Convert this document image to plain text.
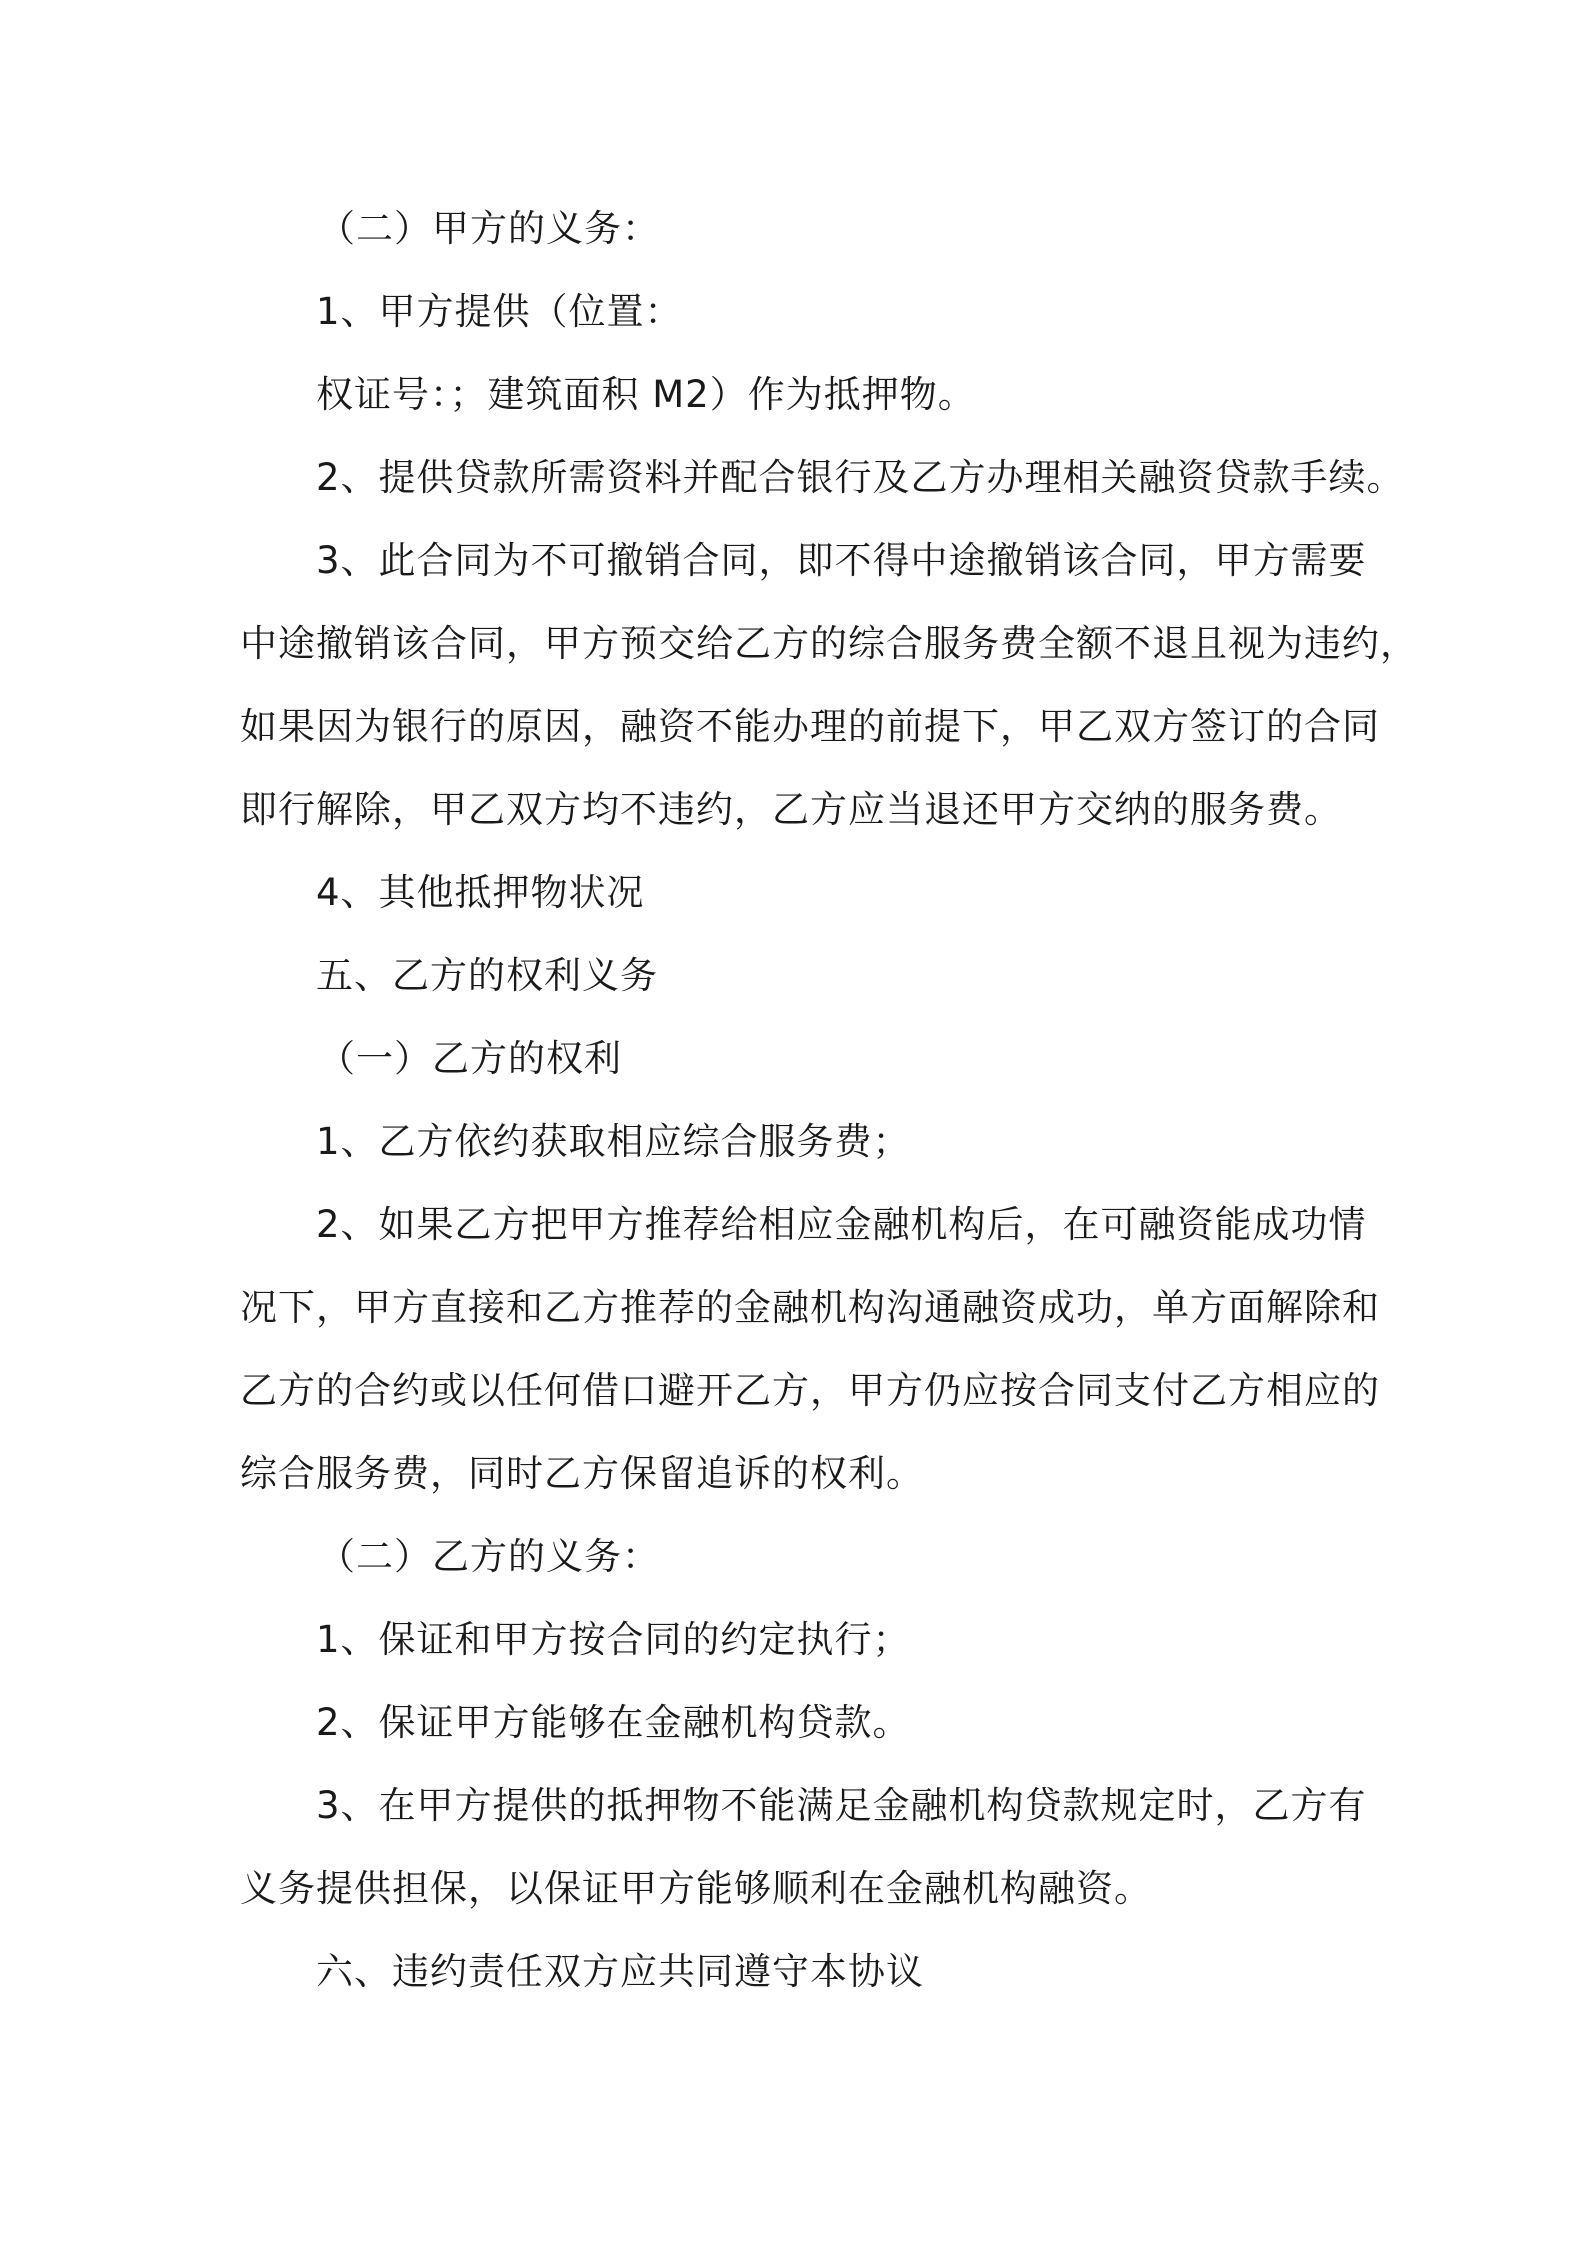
（二）甲方的义务：
1、甲方提供（位置：
权证号：；建筑面积 M2）作为抵押物。
2、提供贷款所需资料并配合银行及乙方办理相关融资贷款手续。
3、此合同为不可撤销合同，即不得中途撤销该合同，甲方需要
中途撤销该合同，甲方预交给乙方的综合服务费全额不退且视为违约，
如果因为银行的原因，融资不能办理的前提下，甲乙双方签订的合同
即行解除，甲乙双方均不违约，乙方应当退还甲方交纳的服务费。
4、其他抵押物状况
五、乙方的权利义务
（一）乙方的权利
1、乙方依约获取相应综合服务费；
2、如果乙方把甲方推荐给相应金融机构后，在可融资能成功情
况下，甲方直接和乙方推荐的金融机构沟通融资成功，单方面解除和
乙方的合约或以任何借口避开乙方，甲方仍应按合同支付乙方相应的
综合服务费，同时乙方保留追诉的权利。
（二）乙方的义务：
1、保证和甲方按合同的约定执行；
2、保证甲方能够在金融机构贷款。
3、在甲方提供的抵押物不能满足金融机构贷款规定时，乙方有
义务提供担保，以保证甲方能够顺利在金融机构融资。
六、违约责任双方应共同遵守本协议
